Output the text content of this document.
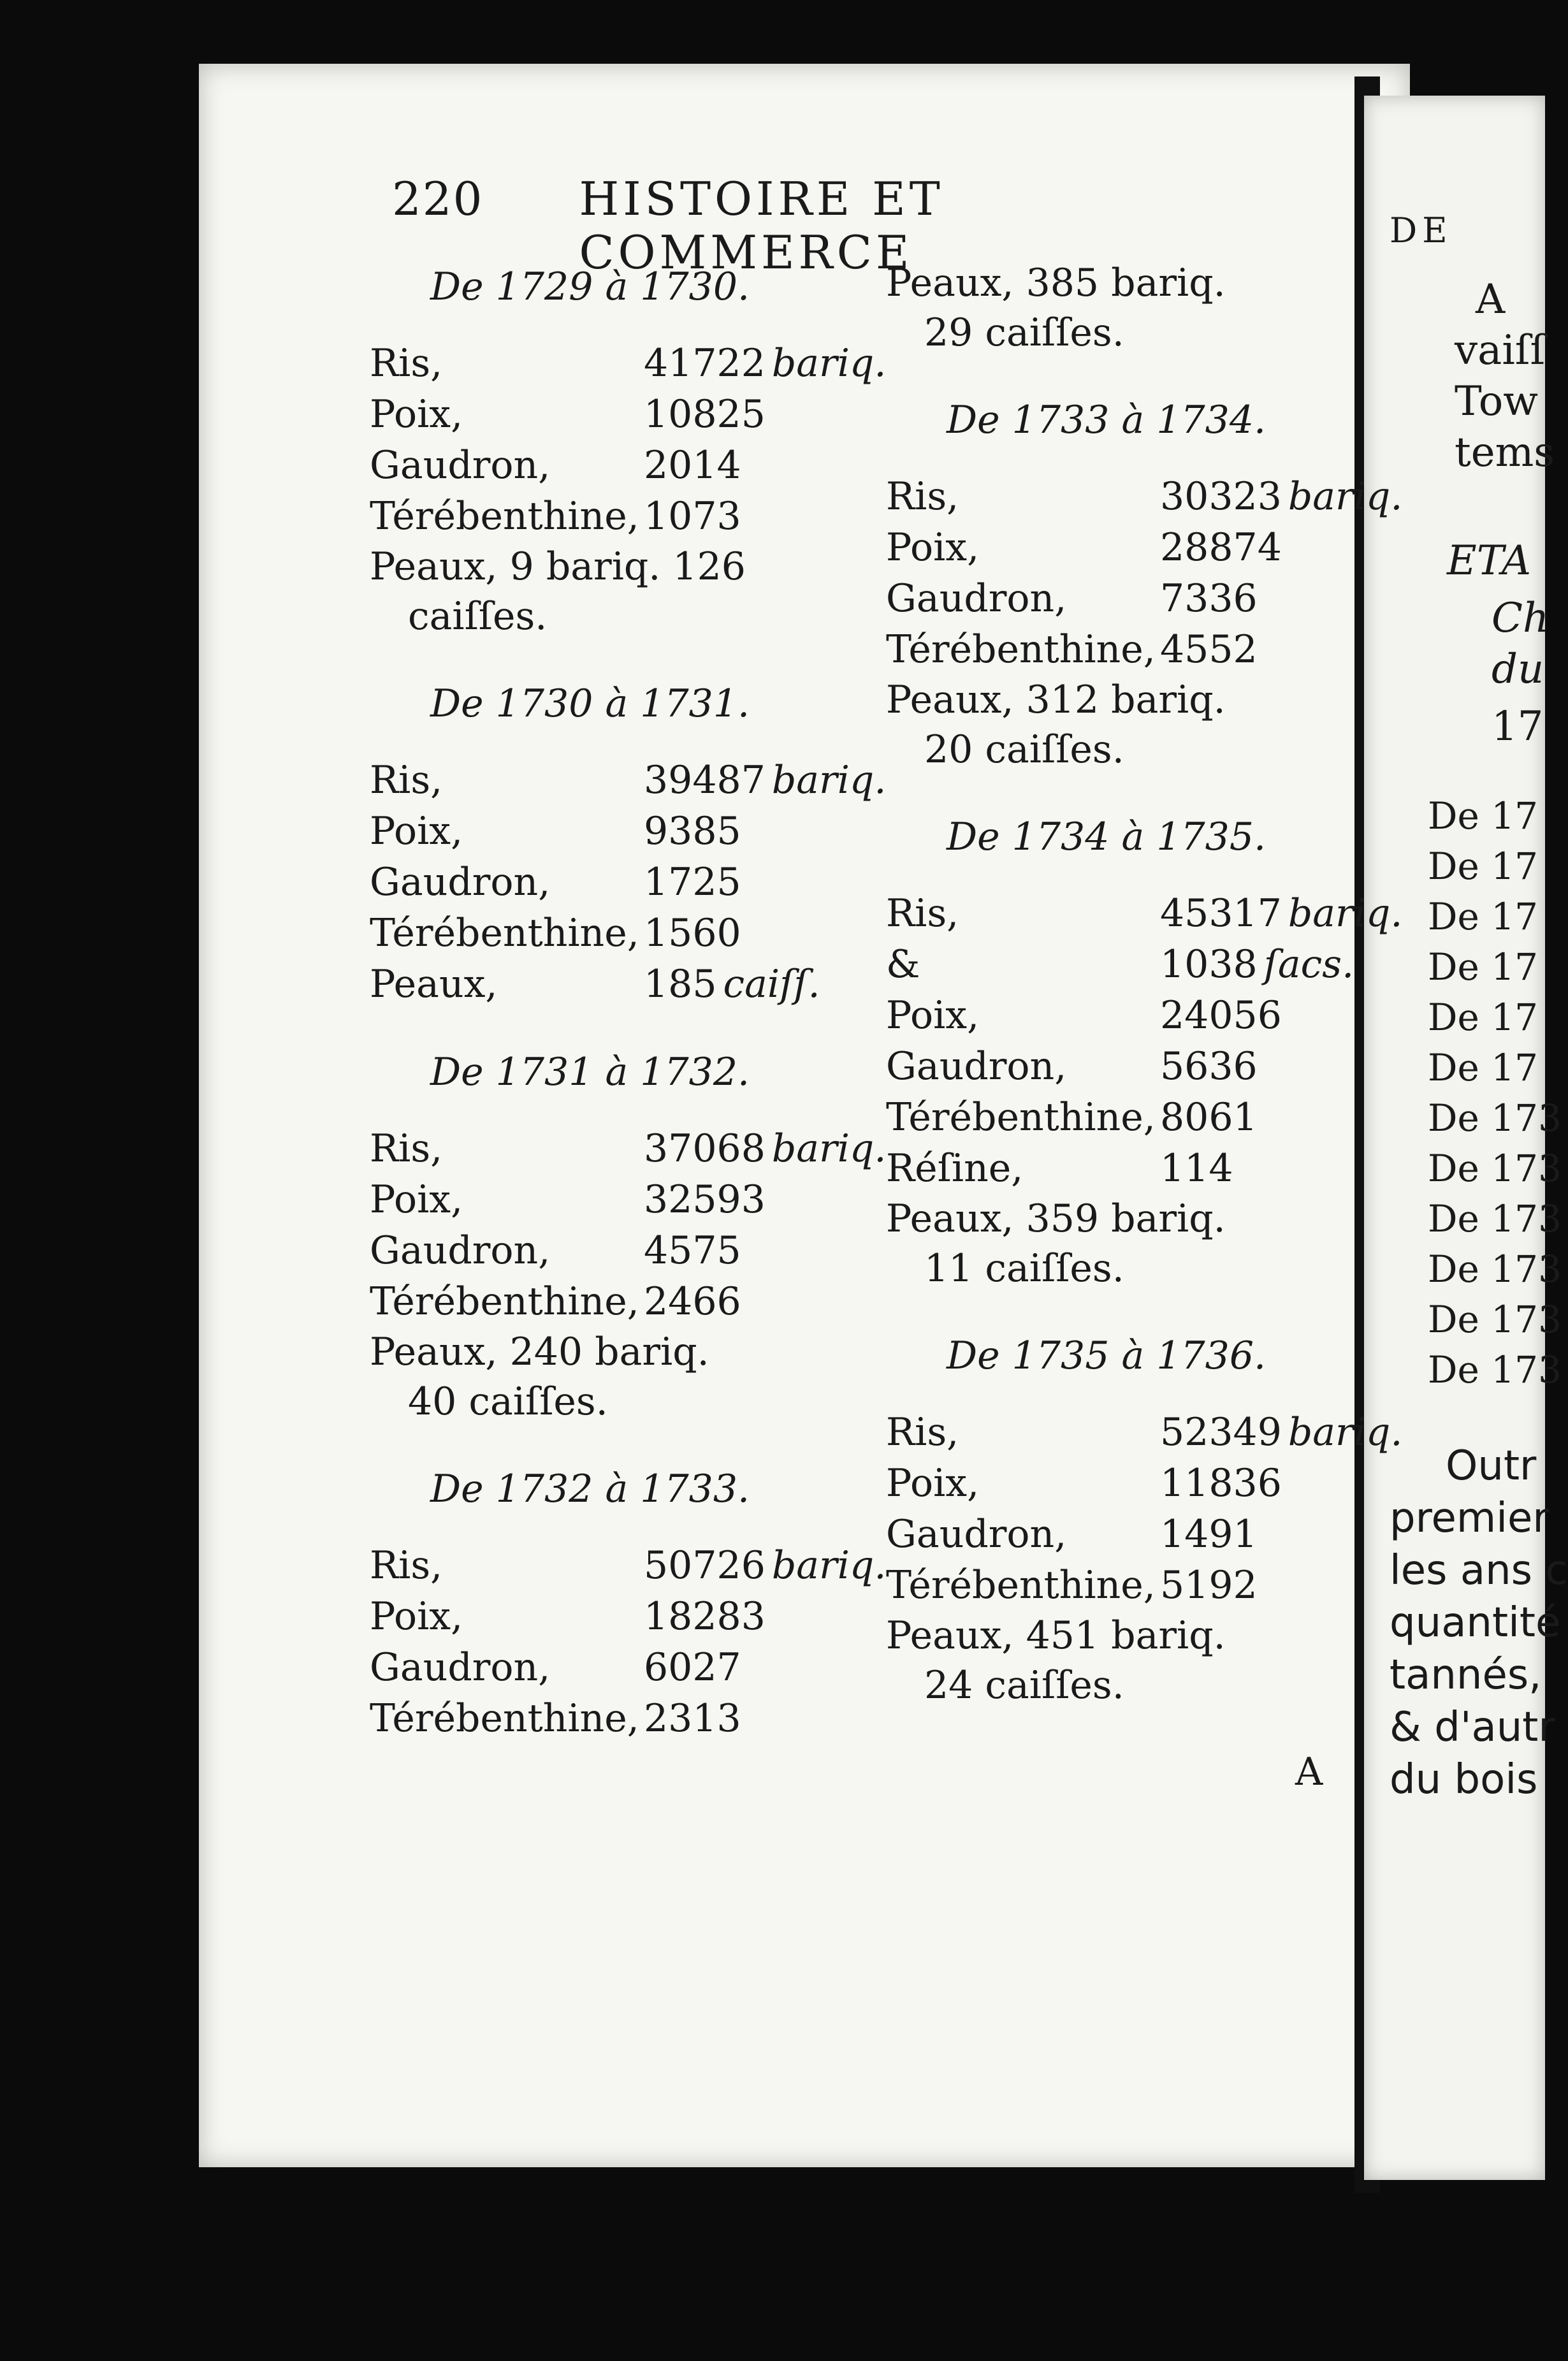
220 HISTOIRE ET COMMERCE
De 1729 à 1730.
Ris,	41722 bariq.
Poix,	10825
Gaudron,	2014
Térébenthine, 1073
Peaux, 9 bariq. 126
caiſſes.
De 1730 à 1731.
Ris,	39487 bariq.
Poix,	9385
Gaudron,	1725
Térébenthine, 1560
Peaux,	185 caiſſ.
De 1731 à 1732.
Ris,	37068 bariq.
Poix,	32593
Gaudron,	4575
Térébenthine, 2466
Peaux, 240 bariq.
40 caiſſes.
De 1732 à 1733.
Ris,	50726 bariq.
Poix,	18283
Gaudron,	6027
Térébenthine, 2313
Peaux, 385 bariq.
29 caiſſes.
De 1733 à 1734.
Ris,	30323 bariq.
Poix,	28874
Gaudron,	7336
Térébenthine, 4552
Peaux, 312 bariq.
20 caiſſes.
De 1734 à 1735.
Ris,	45317 bariq.
&	1038 ſacs.
Poix,	24056
Gaudron,	5636
Térébenthine, 8061
Réſine,	114
Peaux, 359 bariq.
11 caiſſes.
De 1735 à 1736.
Ris,	52349 bariq.
Poix,	11836
Gaudron,	1491
Térébenthine, 5192
Peaux, 451 bariq.
24 caiſſes.
A
DE
A
vaiſſ
Tow
tems
ETA
Ch
du
17
De 17
De 17
De 17
De 17
De 17
De 17
De 173
De 173
De 173
De 173
De 173
De 173
Outr
premier
les ans c
quantité
tannés,
& d'autr
du bois
